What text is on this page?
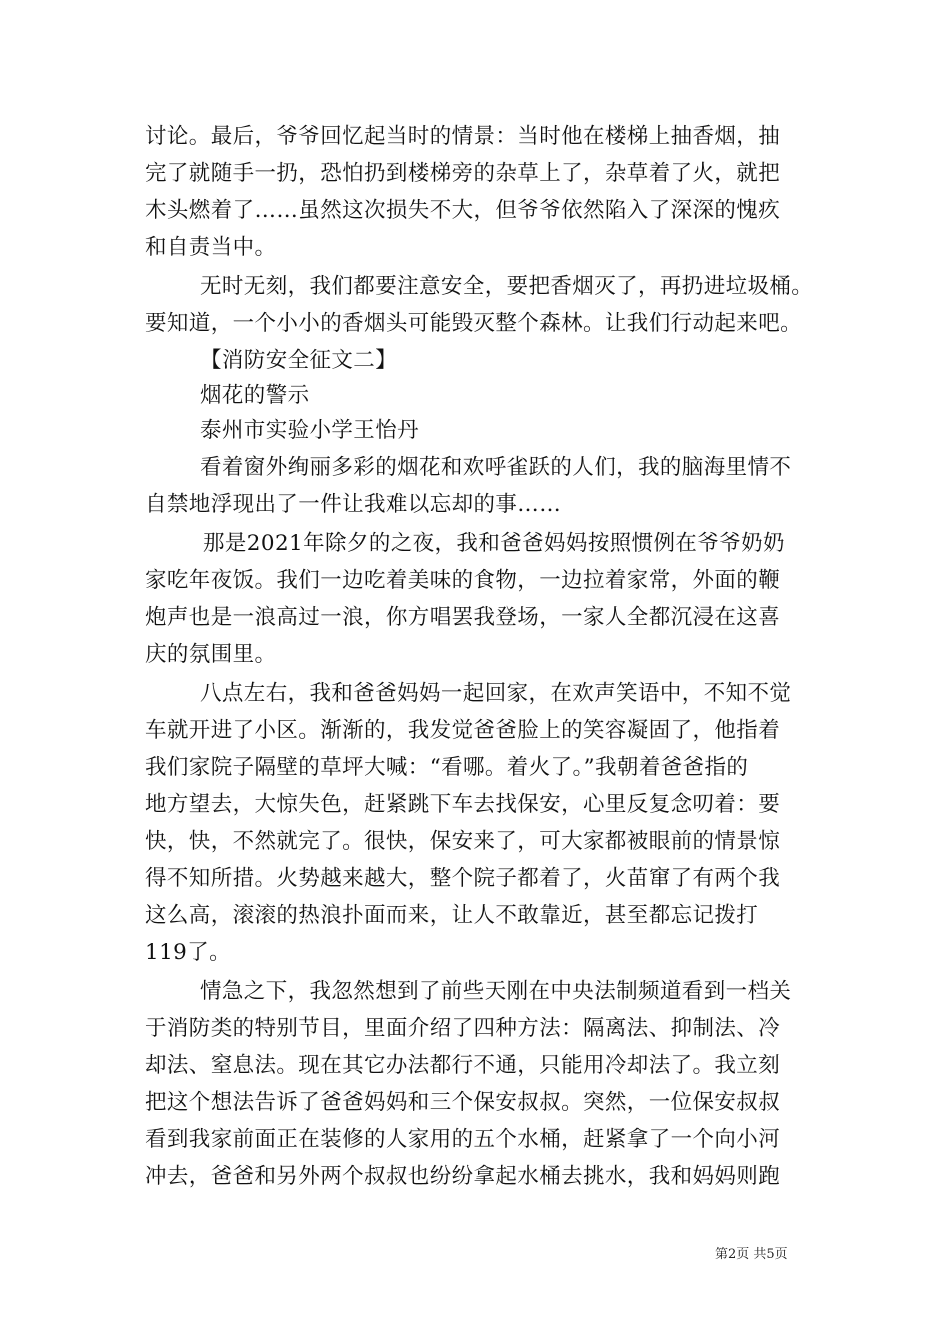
讨论。最后，爷爷回忆起当时的情景：当时他在楼梯上抽香烟，抽
完了就随手一扔，恐怕扔到楼梯旁的杂草上了，杂草着了火，就把
木头燃着了……虽然这次损失不大，但爷爷依然陷入了深深的愧疚
和自责当中。
无时无刻，我们都要注意安全，要把香烟灭了，再扔进垃圾桶。
要知道，一个小小的香烟头可能毁灭整个森林。让我们行动起来吧。
【消防安全征文二】
烟花的警示
泰州市实验小学王怡丹
看着窗外绚丽多彩的烟花和欢呼雀跃的人们，我的脑海里情不
自禁地浮现出了一件让我难以忘却的事……
那是2021年除夕的之夜，我和爸爸妈妈按照惯例在爷爷奶奶
家吃年夜饭。我们一边吃着美味的食物，一边拉着家常，外面的鞭
炮声也是一浪高过一浪，你方唱罢我登场，一家人全都沉浸在这喜
庆的氛围里。
八点左右，我和爸爸妈妈一起回家，在欢声笑语中，不知不觉
车就开进了小区。渐渐的，我发觉爸爸脸上的笑容凝固了，他指着
我们家院子隔壁的草坪大喊：“看哪。着火了。”我朝着爸爸指的
地方望去，大惊失色，赶紧跳下车去找保安，心里反复念叨着：要
快，快，不然就完了。很快，保安来了，可大家都被眼前的情景惊
得不知所措。火势越来越大，整个院子都着了，火苗窜了有两个我
这么高，滚滚的热浪扑面而来，让人不敢靠近，甚至都忘记拨打
119了。
情急之下，我忽然想到了前些天刚在中央法制频道看到一档关
于消防类的特别节目，里面介绍了四种方法：隔离法、抑制法、冷
却法、窒息法。现在其它办法都行不通，只能用冷却法了。我立刻
把这个想法告诉了爸爸妈妈和三个保安叔叔。突然，一位保安叔叔
看到我家前面正在装修的人家用的五个水桶，赶紧拿了一个向小河
冲去，爸爸和另外两个叔叔也纷纷拿起水桶去挑水，我和妈妈则跑
第2页 共5页
